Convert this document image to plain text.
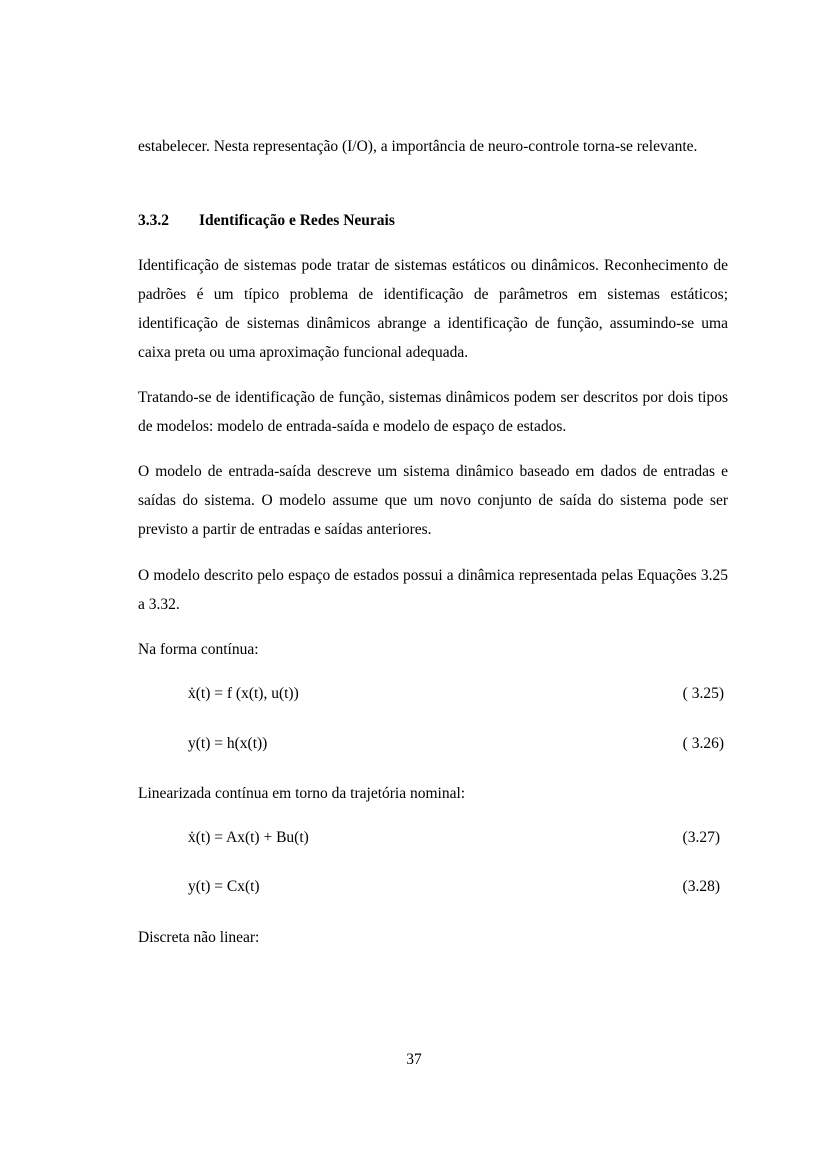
estabelecer. Nesta representação (I/O), a importância de neuro-controle torna-se relevante.

3.3.2 Identificação e Redes Neurais

Identificação de sistemas pode tratar de sistemas estáticos ou dinâmicos. Reconhecimento de padrões é um típico problema de identificação de parâmetros em sistemas estáticos; identificação de sistemas dinâmicos abrange a identificação de função, assumindo-se uma caixa preta ou uma aproximação funcional adequada.

Tratando-se de identificação de função, sistemas dinâmicos podem ser descritos por dois tipos de modelos: modelo de entrada-saída e modelo de espaço de estados.

O modelo de entrada-saída descreve um sistema dinâmico baseado em dados de entradas e saídas do sistema. O modelo assume que um novo conjunto de saída do sistema pode ser previsto a partir de entradas e saídas anteriores.

O modelo descrito pelo espaço de estados possui a dinâmica representada pelas Equações 3.25 a 3.32.

Na forma contínua:

ẋ(t) = f (x(t), u(t))	( 3.25)
y(t) = h(x(t))	( 3.26)

Linearizada contínua em torno da trajetória nominal:

ẋ(t) = Ax(t) + Bu(t)	(3.27)
y(t) = Cx(t)	(3.28)

Discreta não linear:

37
